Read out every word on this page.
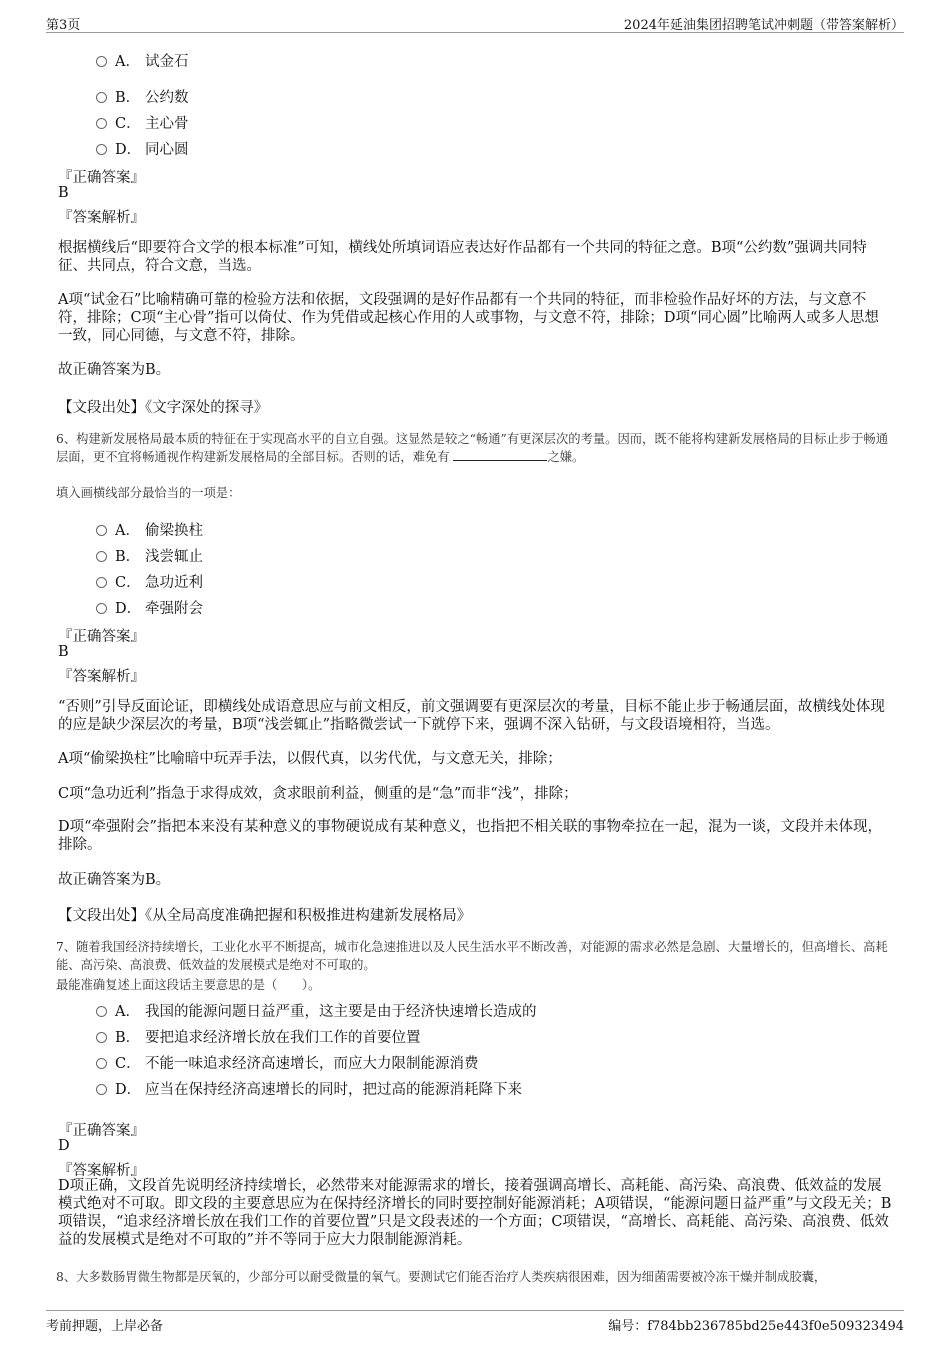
第3页	2024年延油集团招聘笔试冲刺题（带答案解析）
A． 试金石
B． 公约数
C． 主心骨
D． 同心圆
『正确答案』
B
『答案解析』
根据横线后“即要符合文学的根本标准”可知，横线处所填词语应表达好作品都有一个共同的特征之意。B项“公约数”强调共同特征、共同点，符合文意，当选。
A项“试金石”比喻精确可靠的检验方法和依据，文段强调的是好作品都有一个共同的特征，而非检验作品好坏的方法，与文意不符，排除；C项“主心骨”指可以倚仗、作为凭借或起核心作用的人或事物，与文意不符，排除；D项“同心圆”比喻两人或多人思想一致，同心同德，与文意不符，排除。
故正确答案为B。
【文段出处】《文字深处的探寻》
6、构建新发展格局最本质的特征在于实现高水平的自立自强。这显然是较之“畅通”有更深层次的考量。因而，既不能将构建新发展格局的目标止步于畅通层面，更不宜将畅通视作构建新发展格局的全部目标。否则的话，难免有	之嫌。
填入画横线部分最恰当的一项是：
A． 偷梁换柱
B． 浅尝辄止
C． 急功近利
D． 牵强附会
『正确答案』
B
『答案解析』
“否则”引导反面论证，即横线处成语意思应与前文相反，前文强调要有更深层次的考量，目标不能止步于畅通层面，故横线处体现的应是缺少深层次的考量，B项“浅尝辄止”指略微尝试一下就停下来，强调不深入钻研，与文段语境相符，当选。
A项“偷梁换柱”比喻暗中玩弄手法，以假代真，以劣代优，与文意无关，排除；
C项“急功近利”指急于求得成效，贪求眼前利益，侧重的是“急”而非“浅”，排除；
D项“牵强附会”指把本来没有某种意义的事物硬说成有某种意义，也指把不相关联的事物牵拉在一起，混为一谈，文段并未体现，排除。
故正确答案为B。
【文段出处】《从全局高度准确把握和积极推进构建新发展格局》
7、随着我国经济持续增长，工业化水平不断提高，城市化急速推进以及人民生活水平不断改善，对能源的需求必然是急剧、大量增长的，但高增长、高耗能、高污染、高浪费、低效益的发展模式是绝对不可取的。
最能准确复述上面这段话主要意思的是（　　）。
A． 我国的能源问题日益严重，这主要是由于经济快速增长造成的
B． 要把追求经济增长放在我们工作的首要位置
C． 不能一味追求经济高速增长，而应大力限制能源消费
D． 应当在保持经济高速增长的同时，把过高的能源消耗降下来
『正确答案』
D
『答案解析』
D项正确，文段首先说明经济持续增长，必然带来对能源需求的增长，接着强调高增长、高耗能、高污染、高浪费、低效益的发展模式绝对不可取。即文段的主要意思应为在保持经济增长的同时要控制好能源消耗；A项错误，“能源问题日益严重”与文段无关；B项错误，“追求经济增长放在我们工作的首要位置”只是文段表述的一个方面；C项错误，“高增长、高耗能、高污染、高浪费、低效益的发展模式是绝对不可取的”并不等同于应大力限制能源消耗。
8、大多数肠胃微生物都是厌氧的，少部分可以耐受微量的氧气。要测试它们能否治疗人类疾病很困难，因为细菌需要被冷冻干燥并制成胶囊，
考前押题，上岸必备	编号：f784bb236785bd25e443f0e509323494
